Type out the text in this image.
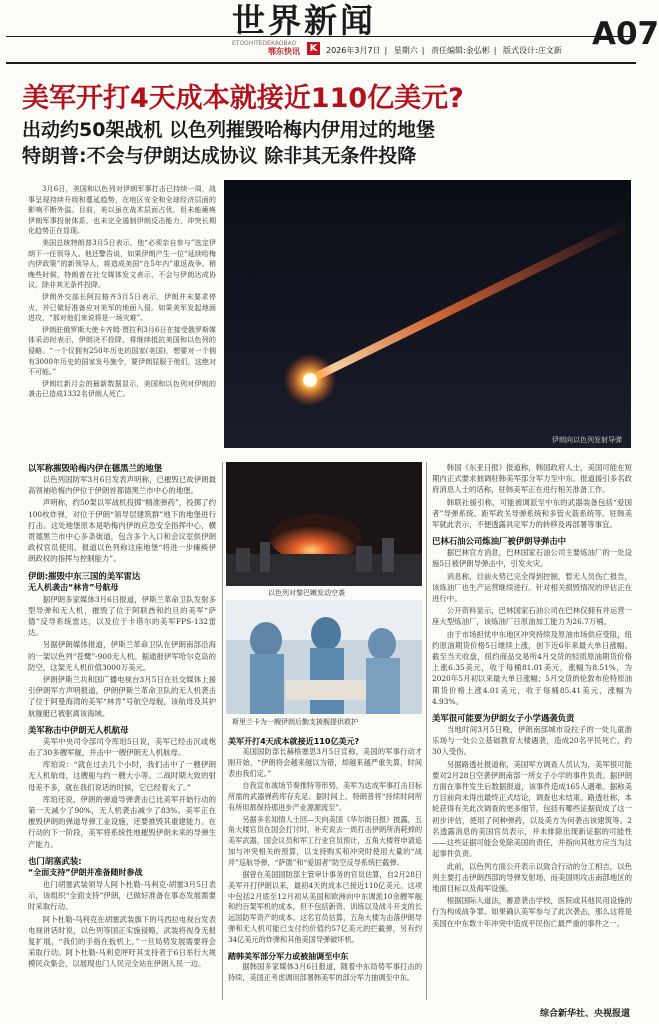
世界新闻
ETOGHITEDEKAOBAO
鄂东快讯 K	2026年3月7日 | 星期六 | 责任编辑:金弘彬 | 版式设计:庄文新 A07
美军开打4天成本就接近110亿美元?
出动约50架战机 以色列摧毁哈梅内伊用过的地堡
特朗普:不会与伊朗达成协议 除非其无条件投降

3月6日，美国和以色列对伊朗军事打击已持续一周，战事呈现持续升级和蔓延趋势，在地区安全和全球经济层面的影响不断外溢。目前，美以虽在战术层面占优，但未能瘫痪伊朗军事投射体系，也未完全遏制伊朗反击能力，冲突长期化趋势正在显现。

美国总统特朗普3月5日表示，他“必须亲自参与”选定伊朗下一任领导人。他还警告说，如果伊朗产生一位“延续哈梅内伊政策”的新领导人，将造成美国“在5年内”重返战争。稍晚些时候，特朗普在社交媒体发文表示，不会与伊朗达成协议，除非其无条件投降。

伊朗外交部长阿拉格齐3月5日表示，伊朗并未要求停火，并已做好准备应对美军的地面入侵。如果美军发起地面进攻，“那对他们来说将是一场灾难”。

伊朗驻俄罗斯大使卡齐姆·贾拉利3月6日在接受俄罗斯媒体采访时表示，伊朗决不投降，将继续抵抗美国和以色列的侵略。“一个仅拥有250年历史的国家(美国)，想要对一个拥有3000年历史的国家发号施令，要伊朗屈服于他们，这绝对不可能。”

伊朗红新月会的最新数据显示，美国和以色列对伊朗的袭击已造成1332名伊朗人死亡。

伊朗向以色列发射导弹
以军称摧毁哈梅内伊在德黑兰的地堡

以色列国防军3月6日发表声明称，已摧毁已故伊朗最高领袖哈梅内伊位于伊朗首都德黑兰市中心的地堡。

声明称，约50架以军战机投掷“精准弹药”，投掷了约100枚炸弹，对位于伊朗“领导层建筑群”地下的地堡进行打击。这处地堡原本是哈梅内伊的应急安全指挥中心，横贯德黑兰市中心多条街道，包含多个入口和会议室供伊朗政权官员使用。报道以色列称这座地堡“将进一步瘫痪伊朗政权的指挥与控制能力”。

伊朗:摧毁中东三国的美军雷达
无人机袭击“林肯”号航母

据伊朗多家媒体3月6日报道，伊斯兰革命卫队发射多型导弹和无人机，摧毁了位于阿联酋和约旦的美军“萨德”反导系统雷达，以及位于卡塔尔的美军FPS-132雷达。

另据伊朗媒体报道，伊斯兰革命卫队在伊朗南部沿海的一架以色列“苍鹭”-900无人机。据通报伊军哈尔克岛的防空，这架无人机价值3000万美元。

伊朗伊斯兰共和国广播电视台3月5日在社交媒体上援引伊朗军方声明报道，伊朗伊斯兰革命卫队的无人机袭击了位于阿曼海湾的美军“林肯”号航空母舰，该航母及其护航舰艇已被驱离该海域。

美军称击中伊朗无人机航母

美军中央司令部司令库珀5日说，美军已经击沉或炮击了30多艘军舰，并击中一艘伊朗无人机航母。

库珀说：“就在过去几个小时，我们击中了一艘伊朗无人机航母，这艘船与约一艘大小等。二战时期大致的射母差不多，就在我们说话的时候，它已经着火了。”

库珀还说，伊朗的弹道导弹袭击已比美军开始行动的第一天减少了90%，无人机袭击减少了83%。美军正在摧毁伊朗的弹道导弹工业设施，还要推毁其重建能力。在行动的下一阶段，美军将系统性地摧毁伊朗未来的导弹生产能力。

也门胡塞武装:
“全面支持”伊朗并准备随时参战

也门胡塞武装领导人阿卜杜勒-马利克·胡塞3月5日表示，该组织“全面支持”伊朗，已做好准备在事态发展需要时采取行动。

阿卜杜勒-马利克在胡塞武装旗下的马西拉电视台发表电视讲话时说，以色列等国正实施侵略，武装将视身无报复扩展，“我们的手指在扳机上，”一旦局势发展需要将会采取行动。阿卜杜勒-马利克呼吁其支持者于6日举行大规模民众集会，以展现也门人民完全站在伊朗人民一边。

以色列对黎巴嫩发动空袭
斯里兰卡为一艘伊朗后勤支援舰提供救护
美军开打4天成本就接近110亿美元?

美国国防部长赫格塞思3月5日宣称，美国的军事行动才刚开始，“伊朗将会越来越以为错，却越来越严重失算，时间表由我们定。”

自我宣布战场节奏推特等形势，美军为达成军事打击目标所需的武器弹药库存充足。据时间上，特朗普将“持续时间所有所用都保持那进步产业源源流至”。

另据多名知情人士回—天向美国《华尔街日报》披露，五角大楼官员在国会打讨时，补充说去一周打击伊朗所消耗掉的美军武器，国会议员和军工行业官员预计，五角大楼将申请追加与冲突相关的预算，以支持购买和冲突时使用大量的“战斧”巡航导弹，“萨德”和“爱国者”防空反导系统拦截弹。

据曾在美国国防部主管审计事务的官员估算，自2月28日美军开打伊朗以来，最初4天的成本已接近110亿美元。这项中包括2月底至12月初从美国和欧洲向中东调派10余艘军舰和约百架军机的成本，但不包括新资、训练以及战斗开支的长远国防军资产的成本。这名官员估算，五角大楼为击落伊朗导弹和无人机可能已支付约价值约57亿美元的拦截弹，另有约34亿美元的炸弹和其他美国导弹破坏机。

踏韩美军部分军力或被抽调至中东

据韩国多家媒体3月6日报道，随着中东局势军事打击的持续，美国正考虑调用部署韩美军的部分军力抽调至中东。

韩国《东亚日报》报道称，韩国政府人士，美国可能在短期内正式要求抽调驻韩美军部分军力至中东。报道援引多名政府消息人士的话称，驻韩美军正在进行相关准备工作。

韩联社援引称，可能被调派至中东的武器装备包括“爱国者”导弹系统、距军政关导弹系统和多管火箭系统等。驻韩美军就此表示，不便透露具定军力的转移及再部署等事宜。

巴林石油公司炼油厂被伊朗导弹击中

据巴林官方消息，巴林国家石油公司主要炼油厂的一处设施5日被伊朗导弹击中，引发火灾。

消息称，目前火势已完全得到控制，暂无人员伤亡报告，该炼油厂也生产运营继续进行。针对相关损毁情况的评估正在进行中。

公开资料显示，巴林国家石油公司在巴林仅拥有并运营一座大型炼油厂，该炼油厂日原油加工能力为26.7万桶。

由于市场担忧中东地区冲突持续及原油市场供应受阻，纽约原油期货价格5日继续上涨，创下近6年来最大单日涨幅。截至当天收盘，纽约商品交易所4月交货的轻质原油期货价格上涨6.35美元，收于每桶81.01美元，涨幅为8.51%，为2020年5月初以来最大单日涨幅；5月交货的伦敦布伦特原油期货价格上涨4.01美元，收于每桶85.41美元，涨幅为4.93%。

美军很可能要为伊朗女子小学遇袭负责

当地时间3月5日晚，伊朗南部城市设拉子的一处儿童游乐场与一处公立基础教育大楼遇袭，造成20名平民死亡，约30人受伤。

另据路透社报道称，美国军方调查人员认为，美军很可能要对2月28日空袭伊朗南部一所女子小学的事件负责。据伊朗方面在事件发生后数据报道，该事件造成165人遇难。据称美方目前尚未得出最终正式结论，调查也未结束。路透社称，本轮获得有关此次调查的更多细节，包括有哪些证据促成了这一初步评估，使用了何种弹药，以及美方为何袭击该建筑等。2名透露消息的美国官员表示，并未排除出现新证据的可能性——这些证据可能会免除美国的责任，并指向其他方应当为这起事件负责。

此前，以色列方面公开表示以致合行动的分工相吉，以色列主要打击伊朗西部的导弹发射场，而美国则攻击南部地区的地面目标以及海军设施。

根据国际人道法，蓄意袭击学校，医院或其他民用设施的行为构成战争罪。如果确认美军参与了此次袭击，那么这将是美国在中东数十年冲突中造成平民伤亡最严重的事件之一。

综合新华社、央视报道
